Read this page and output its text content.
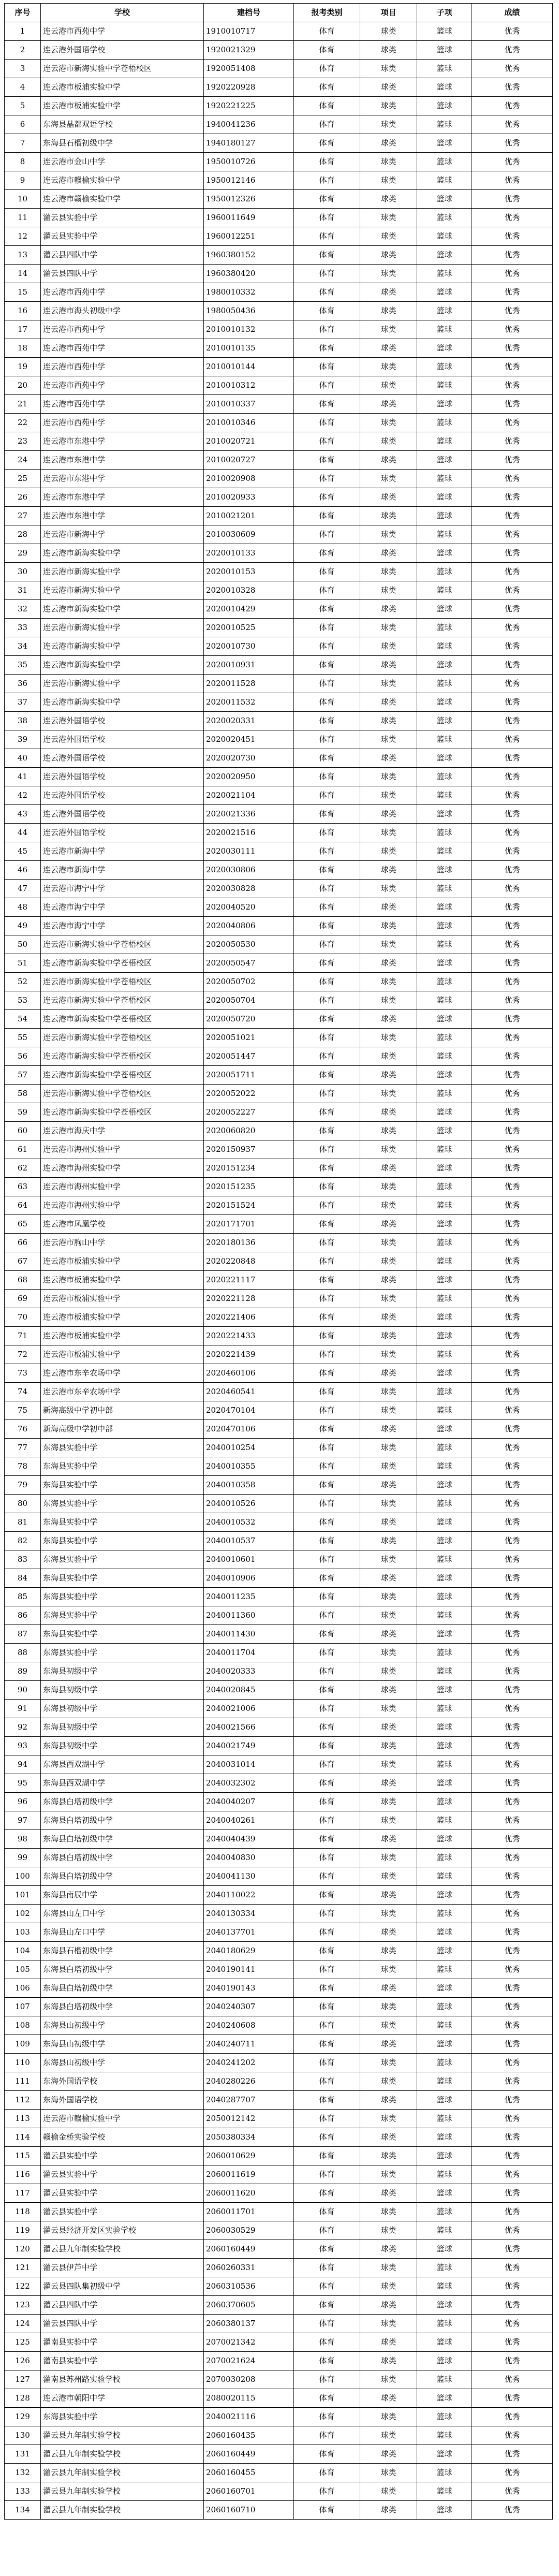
序号	学校	建档号	报考类别	项目	子项	成绩
1	连云港市西苑中学	1910010717	体育	球类	篮球	优秀
2	连云港外国语学校	1920021329	体育	球类	篮球	优秀
3	连云港市新海实验中学苍梧校区	1920051408	体育	球类	篮球	优秀
4	连云港市板浦实验中学	1920220928	体育	球类	篮球	优秀
5	连云港市板浦实验中学	1920221225	体育	球类	篮球	优秀
6	东海县晶都双语学校	1940041236	体育	球类	篮球	优秀
7	东海县石榴初级中学	1940180127	体育	球类	篮球	优秀
8	连云港市金山中学	1950010726	体育	球类	篮球	优秀
9	连云港市赣榆实验中学	1950012146	体育	球类	篮球	优秀
10	连云港市赣榆实验中学	1950012326	体育	球类	篮球	优秀
11	灌云县实验中学	1960011649	体育	球类	篮球	优秀
12	灌云县实验中学	1960012251	体育	球类	篮球	优秀
13	灌云县四队中学	1960380152	体育	球类	篮球	优秀
14	灌云县四队中学	1960380420	体育	球类	篮球	优秀
15	连云港市西苑中学	1980010332	体育	球类	篮球	优秀
16	连云港市海头初级中学	1980050436	体育	球类	篮球	优秀
17	连云港市西苑中学	2010010132	体育	球类	篮球	优秀
18	连云港市西苑中学	2010010135	体育	球类	篮球	优秀
19	连云港市西苑中学	2010010144	体育	球类	篮球	优秀
20	连云港市西苑中学	2010010312	体育	球类	篮球	优秀
21	连云港市西苑中学	2010010337	体育	球类	篮球	优秀
22	连云港市西苑中学	2010010346	体育	球类	篮球	优秀
23	连云港市东港中学	2010020721	体育	球类	篮球	优秀
24	连云港市东港中学	2010020727	体育	球类	篮球	优秀
25	连云港市东港中学	2010020908	体育	球类	篮球	优秀
26	连云港市东港中学	2010020933	体育	球类	篮球	优秀
27	连云港市东港中学	2010021201	体育	球类	篮球	优秀
28	连云港市新海中学	2010030609	体育	球类	篮球	优秀
29	连云港市新海实验中学	2020010133	体育	球类	篮球	优秀
30	连云港市新海实验中学	2020010153	体育	球类	篮球	优秀
31	连云港市新海实验中学	2020010328	体育	球类	篮球	优秀
32	连云港市新海实验中学	2020010429	体育	球类	篮球	优秀
33	连云港市新海实验中学	2020010525	体育	球类	篮球	优秀
34	连云港市新海实验中学	2020010730	体育	球类	篮球	优秀
35	连云港市新海实验中学	2020010931	体育	球类	篮球	优秀
36	连云港市新海实验中学	2020011528	体育	球类	篮球	优秀
37	连云港市新海实验中学	2020011532	体育	球类	篮球	优秀
38	连云港外国语学校	2020020331	体育	球类	篮球	优秀
39	连云港外国语学校	2020020451	体育	球类	篮球	优秀
40	连云港外国语学校	2020020730	体育	球类	篮球	优秀
41	连云港外国语学校	2020020950	体育	球类	篮球	优秀
42	连云港外国语学校	2020021104	体育	球类	篮球	优秀
43	连云港外国语学校	2020021336	体育	球类	篮球	优秀
44	连云港外国语学校	2020021516	体育	球类	篮球	优秀
45	连云港市新海中学	2020030111	体育	球类	篮球	优秀
46	连云港市新海中学	2020030806	体育	球类	篮球	优秀
47	连云港市海宁中学	2020030828	体育	球类	篮球	优秀
48	连云港市海宁中学	2020040520	体育	球类	篮球	优秀
49	连云港市海宁中学	2020040806	体育	球类	篮球	优秀
50	连云港市新海实验中学苍梧校区	2020050530	体育	球类	篮球	优秀
51	连云港市新海实验中学苍梧校区	2020050547	体育	球类	篮球	优秀
52	连云港市新海实验中学苍梧校区	2020050702	体育	球类	篮球	优秀
53	连云港市新海实验中学苍梧校区	2020050704	体育	球类	篮球	优秀
54	连云港市新海实验中学苍梧校区	2020050720	体育	球类	篮球	优秀
55	连云港市新海实验中学苍梧校区	2020051021	体育	球类	篮球	优秀
56	连云港市新海实验中学苍梧校区	2020051447	体育	球类	篮球	优秀
57	连云港市新海实验中学苍梧校区	2020051711	体育	球类	篮球	优秀
58	连云港市新海实验中学苍梧校区	2020052022	体育	球类	篮球	优秀
59	连云港市新海实验中学苍梧校区	2020052227	体育	球类	篮球	优秀
60	连云港市海庆中学	2020060820	体育	球类	篮球	优秀
61	连云港市海州实验中学	2020150937	体育	球类	篮球	优秀
62	连云港市海州实验中学	2020151234	体育	球类	篮球	优秀
63	连云港市海州实验中学	2020151235	体育	球类	篮球	优秀
64	连云港市海州实验中学	2020151524	体育	球类	篮球	优秀
65	连云港市凤凰学校	2020171701	体育	球类	篮球	优秀
66	连云港市朐山中学	2020180136	体育	球类	篮球	优秀
67	连云港市板浦实验中学	2020220848	体育	球类	篮球	优秀
68	连云港市板浦实验中学	2020221117	体育	球类	篮球	优秀
69	连云港市板浦实验中学	2020221128	体育	球类	篮球	优秀
70	连云港市板浦实验中学	2020221406	体育	球类	篮球	优秀
71	连云港市板浦实验中学	2020221433	体育	球类	篮球	优秀
72	连云港市板浦实验中学	2020221439	体育	球类	篮球	优秀
73	连云港市东辛农场中学	2020460106	体育	球类	篮球	优秀
74	连云港市东辛农场中学	2020460541	体育	球类	篮球	优秀
75	新海高级中学初中部	2020470104	体育	球类	篮球	优秀
76	新海高级中学初中部	2020470106	体育	球类	篮球	优秀
77	东海县实验中学	2040010254	体育	球类	篮球	优秀
78	东海县实验中学	2040010355	体育	球类	篮球	优秀
79	东海县实验中学	2040010358	体育	球类	篮球	优秀
80	东海县实验中学	2040010526	体育	球类	篮球	优秀
81	东海县实验中学	2040010532	体育	球类	篮球	优秀
82	东海县实验中学	2040010537	体育	球类	篮球	优秀
83	东海县实验中学	2040010601	体育	球类	篮球	优秀
84	东海县实验中学	2040010906	体育	球类	篮球	优秀
85	东海县实验中学	2040011235	体育	球类	篮球	优秀
86	东海县实验中学	2040011360	体育	球类	篮球	优秀
87	东海县实验中学	2040011430	体育	球类	篮球	优秀
88	东海县实验中学	2040011704	体育	球类	篮球	优秀
89	东海县初级中学	2040020333	体育	球类	篮球	优秀
90	东海县初级中学	2040020845	体育	球类	篮球	优秀
91	东海县初级中学	2040021006	体育	球类	篮球	优秀
92	东海县初级中学	2040021566	体育	球类	篮球	优秀
93	东海县初级中学	2040021749	体育	球类	篮球	优秀
94	东海县西双湖中学	2040031014	体育	球类	篮球	优秀
95	东海县西双湖中学	2040032302	体育	球类	篮球	优秀
96	东海县白塔初级中学	2040040207	体育	球类	篮球	优秀
97	东海县白塔初级中学	2040040261	体育	球类	篮球	优秀
98	东海县白塔初级中学	2040040439	体育	球类	篮球	优秀
99	东海县白塔初级中学	2040040830	体育	球类	篮球	优秀
100	东海县白塔初级中学	2040041130	体育	球类	篮球	优秀
101	东海县南辰中学	2040110022	体育	球类	篮球	优秀
102	东海县山左口中学	2040130334	体育	球类	篮球	优秀
103	东海县山左口中学	2040137701	体育	球类	篮球	优秀
104	东海县石榴初级中学	2040180629	体育	球类	篮球	优秀
105	东海县白塔初级中学	2040190141	体育	球类	篮球	优秀
106	东海县白塔初级中学	2040190143	体育	球类	篮球	优秀
107	东海县白塔初级中学	2040240307	体育	球类	篮球	优秀
108	东海县山初级中学	2040240608	体育	球类	篮球	优秀
109	东海县山初级中学	2040240711	体育	球类	篮球	优秀
110	东海县山初级中学	2040241202	体育	球类	篮球	优秀
111	东海外国语学校	2040280226	体育	球类	篮球	优秀
112	东海外国语学校	2040287707	体育	球类	篮球	优秀
113	连云港市赣榆实验中学	2050012142	体育	球类	篮球	优秀
114	赣榆金桥实验学校	2050380334	体育	球类	篮球	优秀
115	灌云县实验中学	2060010629	体育	球类	篮球	优秀
116	灌云县实验中学	2060011619	体育	球类	篮球	优秀
117	灌云县实验中学	2060011620	体育	球类	篮球	优秀
118	灌云县实验中学	2060011701	体育	球类	篮球	优秀
119	灌云县经济开发区实验学校	2060030529	体育	球类	篮球	优秀
120	灌云县九年制实验学校	2060160449	体育	球类	篮球	优秀
121	灌云县伊芦中学	2060260331	体育	球类	篮球	优秀
122	灌云县四队集初级中学	2060310536	体育	球类	篮球	优秀
123	灌云县四队中学	2060370605	体育	球类	篮球	优秀
124	灌云县四队中学	2060380137	体育	球类	篮球	优秀
125	灌南县实验中学	2070021342	体育	球类	篮球	优秀
126	灌南县实验中学	2070021624	体育	球类	篮球	优秀
127	灌南县苏州路实验学校	2070030208	体育	球类	篮球	优秀
128	连云港市朝阳中学	2080020115	体育	球类	篮球	优秀
129	东海县实验中学	2040021116	体育	球类	篮球	优秀
130	灌云县九年制实验学校	2060160435	体育	球类	篮球	优秀
131	灌云县九年制实验学校	2060160449	体育	球类	篮球	优秀
132	灌云县九年制实验学校	2060160455	体育	球类	篮球	优秀
133	灌云县九年制实验学校	2060160701	体育	球类	篮球	优秀
134	灌云县九年制实验学校	2060160710	体育	球类	篮球	优秀
